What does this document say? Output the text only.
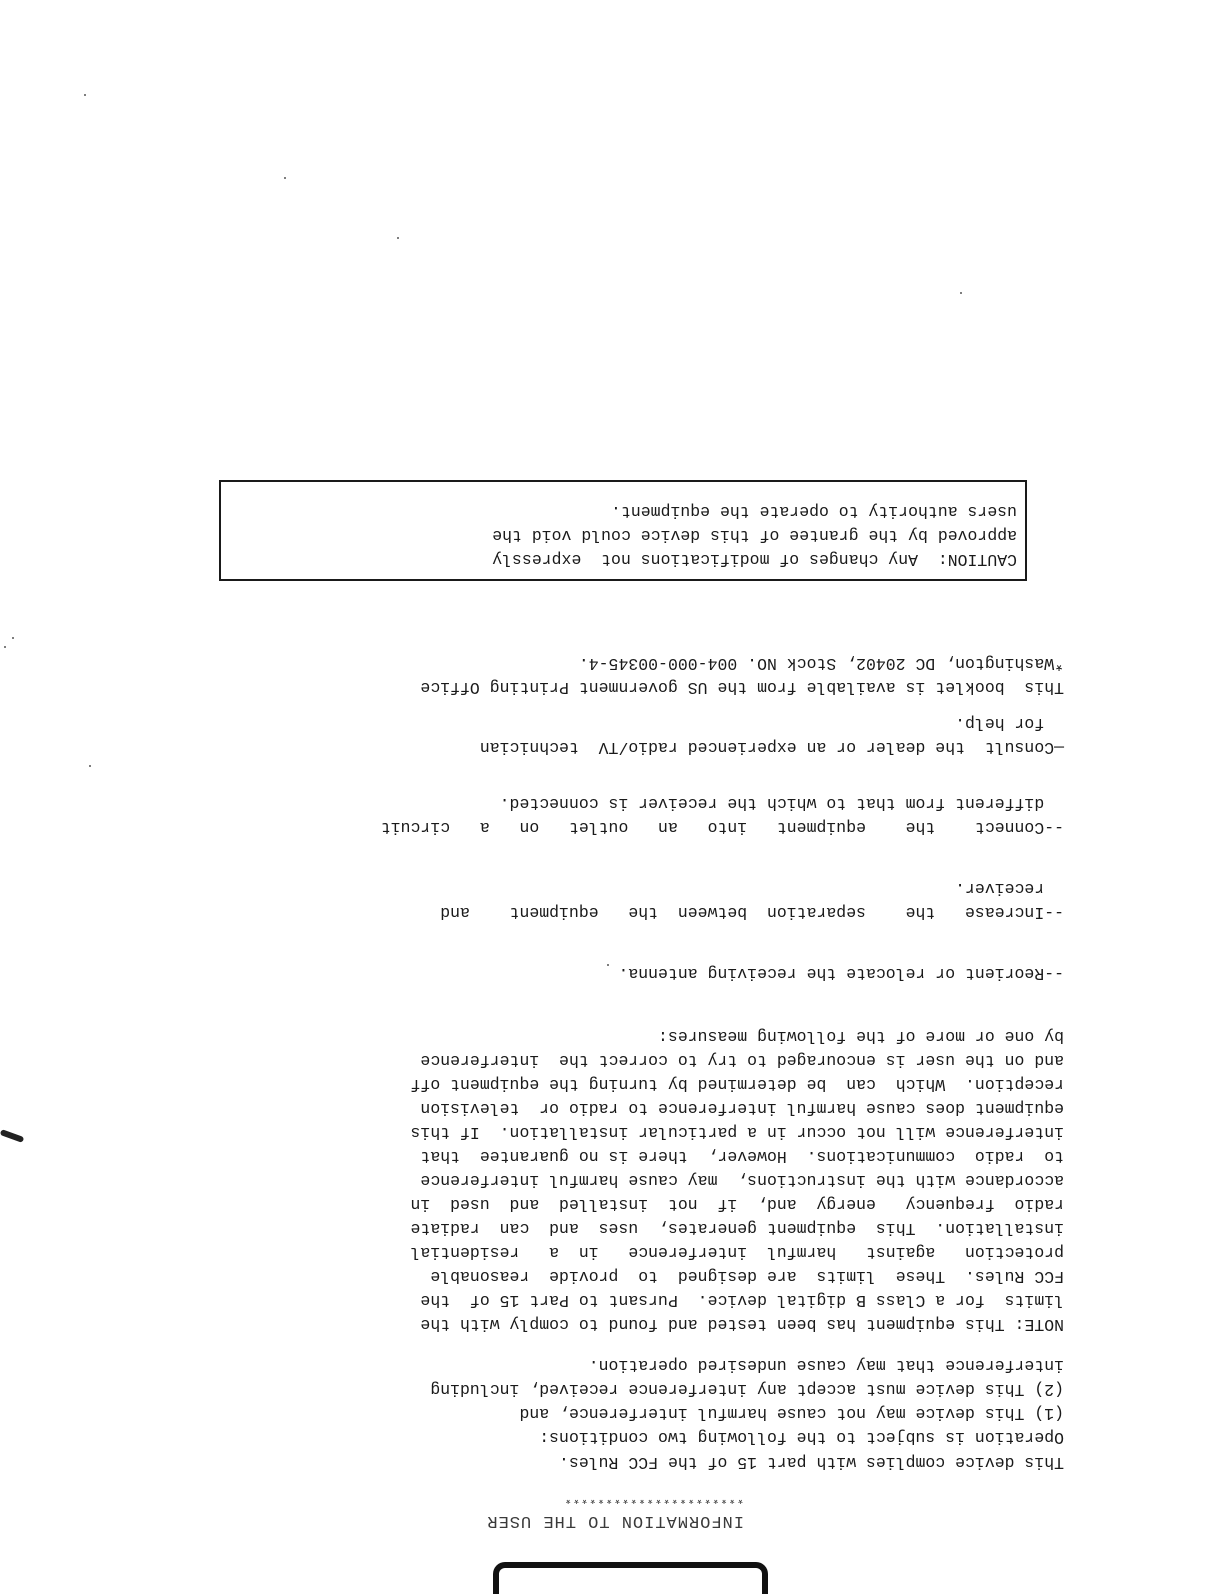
INFORMATION TO THE USER

**********************

This device complies with part 15 of the FCC Rules.

Operation is subject to the following two conditions:
(1) This device may not cause harmful interference, and
(2) This device must accept any interference received, including
interference that may cause undesired operation.

NOTE: This equipment has been tested and found to comply with the
limits  for a Class B digital device.  Pursant to Part 15 of  the
FCC Rules.  These  limits  are designed  to  provide  reasonable
protection   against   harmful  interference   in  a   residential
installation.  This  equipment generates,  uses  and  can  radiate
radio  frequency   energy  and,  if  not  installed  and  used  in
accordance with the instructions,  may cause harmful interference
to  radio  communications.  However,  there is no guarantee  that
interference will not occur in a particular installation.  If this
equipment does cause harmful interference to radio or  television
reception.  Which  can  be determined by turning the equipment off
and on the user is encouraged to try to correct the  interference
by one or more of the following measures:

--Reorient or relocate the receiving antenna.

--Increase   the    separation  between  the   equipment    and
receiver.

--Connect    the    equipment   into   an   outlet   on   a   circuit
different from that to which the receiver is connected.

—Consult  the dealer or an experienced radio/TV  technician
for help.

This  booklet is available from the US government Printing Office
*Washington, DC 20402, Stock NO. 004-000-00345-4.

CAUTION:  Any changes of modifications not  expressly
approved by the grantee of this device could void the
users authority to operate the equipment.
